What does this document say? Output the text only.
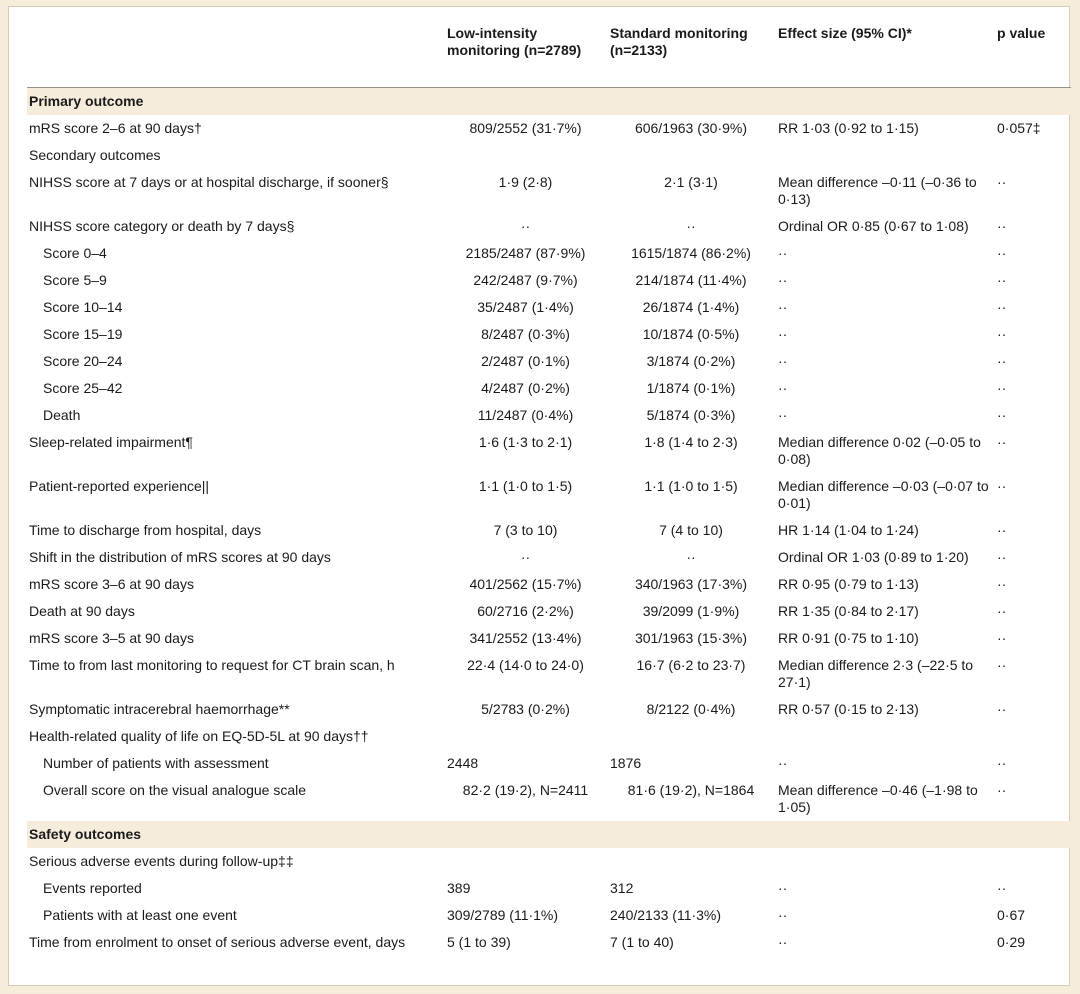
	Low-intensity monitoring (n=2789)	Standard monitoring (n=2133)	Effect size (95% CI)*	p value
Primary outcome				
mRS score 2–6 at 90 days†	809/2552 (31·7%)	606/1963 (30·9%)	RR 1·03 (0·92 to 1·15)	0·057‡
Secondary outcomes				
NIHSS score at 7 days or at hospital discharge, if sooner§	1·9 (2·8)	2·1 (3·1)	Mean difference –0·11 (–0·36 to 0·13)	··
NIHSS score category or death by 7 days§	··	··	Ordinal OR 0·85 (0·67 to 1·08)	··
Score 0–4	2185/2487 (87·9%)	1615/1874 (86·2%)	··	··
Score 5–9	242/2487 (9·7%)	214/1874 (11·4%)	··	··
Score 10–14	35/2487 (1·4%)	26/1874 (1·4%)	··	··
Score 15–19	8/2487 (0·3%)	10/1874 (0·5%)	··	··
Score 20–24	2/2487 (0·1%)	3/1874 (0·2%)	··	··
Score 25–42	4/2487 (0·2%)	1/1874 (0·1%)	··	··
Death	11/2487 (0·4%)	5/1874 (0·3%)	··	··
Sleep-related impairment¶	1·6 (1·3 to 2·1)	1·8 (1·4 to 2·3)	Median difference 0·02 (–0·05 to 0·08)	··
Patient-reported experience||	1·1 (1·0 to 1·5)	1·1 (1·0 to 1·5)	Median difference –0·03 (–0·07 to 0·01)	··
Time to discharge from hospital, days	7 (3 to 10)	7 (4 to 10)	HR 1·14 (1·04 to 1·24)	··
Shift in the distribution of mRS scores at 90 days	··	··	Ordinal OR 1·03 (0·89 to 1·20)	··
mRS score 3–6 at 90 days	401/2562 (15·7%)	340/1963 (17·3%)	RR 0·95 (0·79 to 1·13)	··
Death at 90 days	60/2716 (2·2%)	39/2099 (1·9%)	RR 1·35 (0·84 to 2·17)	··
mRS score 3–5 at 90 days	341/2552 (13·4%)	301/1963 (15·3%)	RR 0·91 (0·75 to 1·10)	··
Time to from last monitoring to request for CT brain scan, h	22·4 (14·0 to 24·0)	16·7 (6·2 to 23·7)	Median difference 2·3 (–22·5 to 27·1)	··
Symptomatic intracerebral haemorrhage**	5/2783 (0·2%)	8/2122 (0·4%)	RR 0·57 (0·15 to 2·13)	··
Health-related quality of life on EQ-5D-5L at 90 days††				
Number of patients with assessment	2448	1876	··	··
Overall score on the visual analogue scale	82·2 (19·2), N=2411	81·6 (19·2), N=1864	Mean difference –0·46 (–1·98 to 1·05)	··
Safety outcomes				
Serious adverse events during follow-up‡‡				
Events reported	389	312	··	··
Patients with at least one event	309/2789 (11·1%)	240/2133 (11·3%)	··	0·67
Time from enrolment to onset of serious adverse event, days	5 (1 to 39)	7 (1 to 40)	··	0·29
